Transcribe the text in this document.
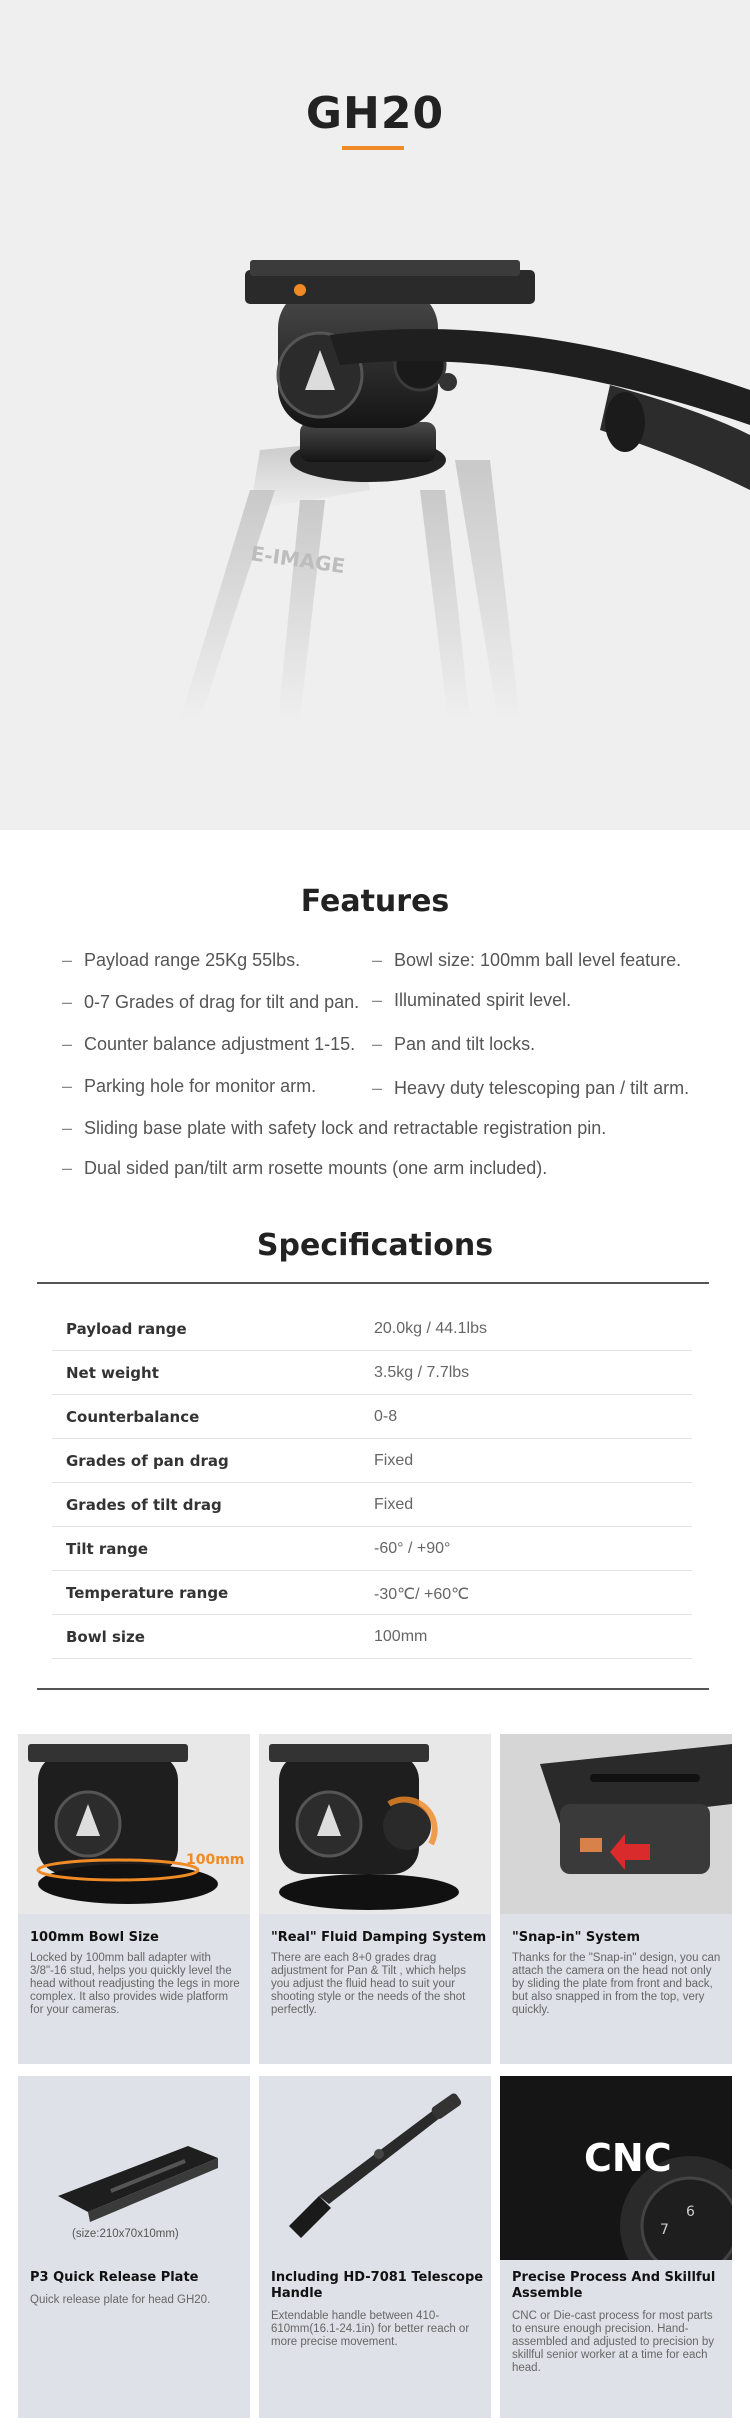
GH20
E-IMAGE
Features
– Payload range 25Kg 55lbs.	– Bowl size: 100mm ball level feature.
– 0-7 Grades of drag for tilt and pan. – Illuminated spirit level.
– Counter balance adjustment 1-15. – Pan and tilt locks.
– Parking hole for monitor arm.	– Heavy duty telescoping pan / tilt arm.
– Sliding base plate with safety lock and retractable registration pin.
– Dual sided pan/tilt arm rosette mounts (one arm included).
Specifications
Payload range	20.0kg / 44.1lbs
Net weight	3.5kg / 7.7lbs
Counterbalance	0-8
Grades of pan drag	Fixed
Grades of tilt drag	Fixed
Tilt range	-60° / +90°
Temperature range	-30℃/ +60℃
Bowl size	100mm
100mm
100mm Bowl Size
Locked by 100mm ball adapter with 3/8"-16 stud, helps you quickly level the head without readjusting the legs in more complex. It also provides wide platform for your cameras.
"Real" Fluid Damping System
There are each 8+0 grades drag adjustment for Pan & Tilt , which helps you adjust the fluid head to suit your shooting style or the needs of the shot perfectly.
"Snap-in" System
Thanks for the "Snap-in" design, you can attach the camera on the head not only by sliding the plate from front and back, but also snapped in from the top, very quickly.
(size:210x70x10mm)
P3 Quick Release Plate
Quick release plate for head GH20.
Including HD-7081 Telescope Handle
Extendable handle between 410-610mm(16.1-24.1in) for better reach or more precise movement.
7
6
CNC
Precise Process And Skillful Assemble
CNC or Die-cast process for most parts to ensure enough precision. Hand-assembled and adjusted to precision by skillful senior worker at a time for each head.
